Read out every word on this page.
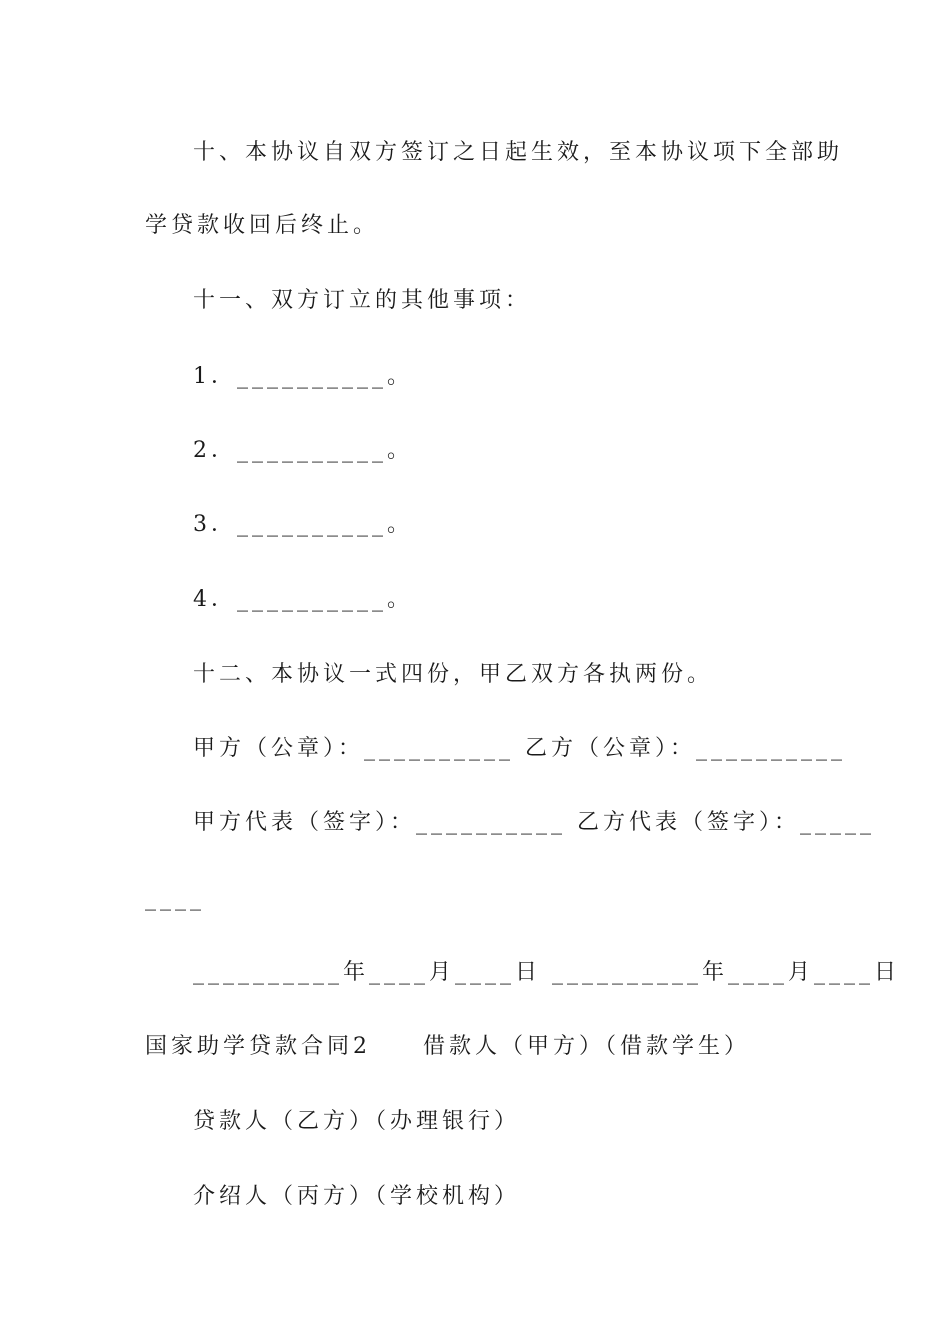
十、本协议自双方签订之日起生效，至本协议项下全部助
学贷款收回后终止。
十一、双方订立的其他事项：
1．__________。
2．__________。
3．__________。
4．__________。
十二、本协议一式四份，甲乙双方各执两份。
甲方（公章）：__________ 乙方（公章）：__________
甲方代表（签字）：__________ 乙方代表（签字）：_____
____
__________年____月____日 __________年____月____日
国家助学贷款合同2　　借款人（甲方）（借款学生）
贷款人（乙方）（办理银行）
介绍人（丙方）（学校机构）
